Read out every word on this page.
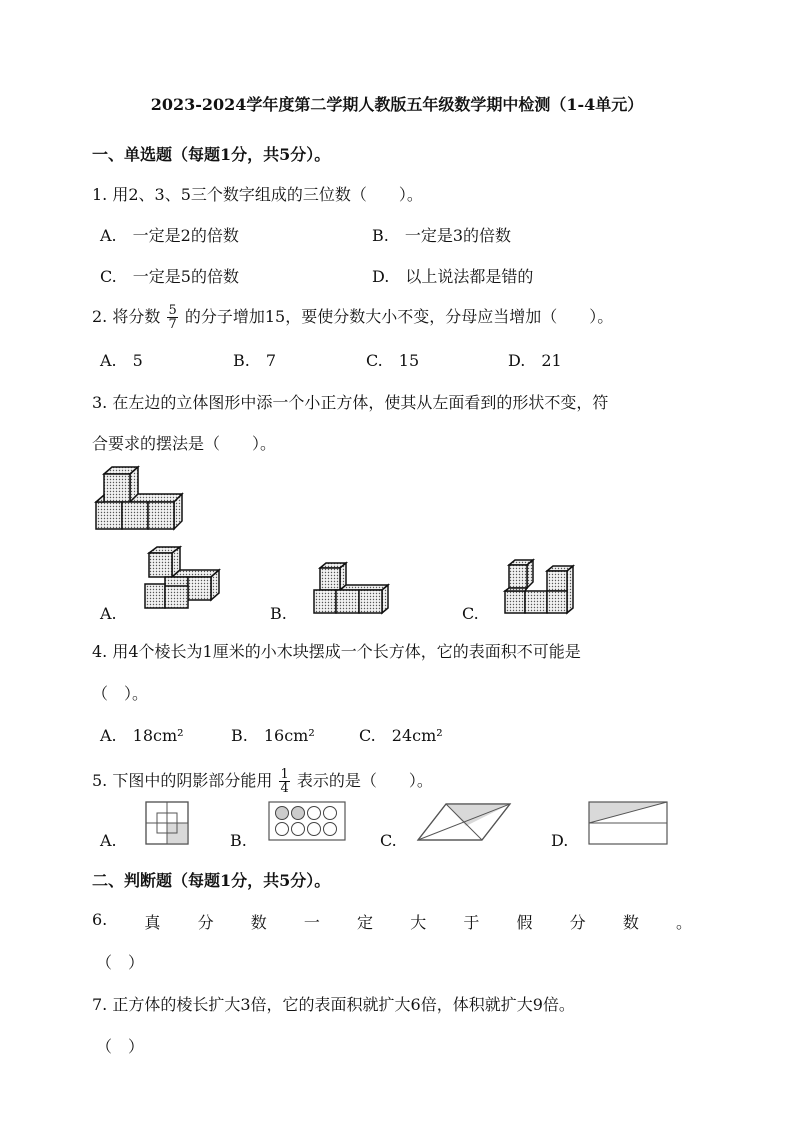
2023-2024学年度第二学期人教版五年级数学期中检测（1-4单元）
一、单选题（每题1分，共5分）。
1. 用2、3、5三个数字组成的三位数（　　）。
A.　一定是2的倍数	B.　一定是3的倍数
C.　一定是5的倍数	D.　以上说法都是错的
2. 将分数 $\frac{5}{7}$ 的分子增加15，要使分数大小不变，分母应当增加（　　）。
A.　5	B.　7	C.　15	D.　21
3. 在左边的立体图形中添一个小正方体，使其从左面看到的形状不变，符
合要求的摆法是（　　）。
A.	B.	C.
4. 用4个棱长为1厘米的小木块摆成一个长方体，它的表面积不可能是
（　）。
A.　18cm²	B.　16cm²	C.　24cm²
5. 下图中的阴影部分能用 $\frac{1}{4}$ 表示的是（　　）。
A.	B.	C.	D.
二、判断题（每题1分，共5分）。
6. 真 分 数 一 定 大 于 假 分 数 。
（　）
7. 正方体的棱长扩大3倍，它的表面积就扩大6倍，体积就扩大9倍。
（　）
